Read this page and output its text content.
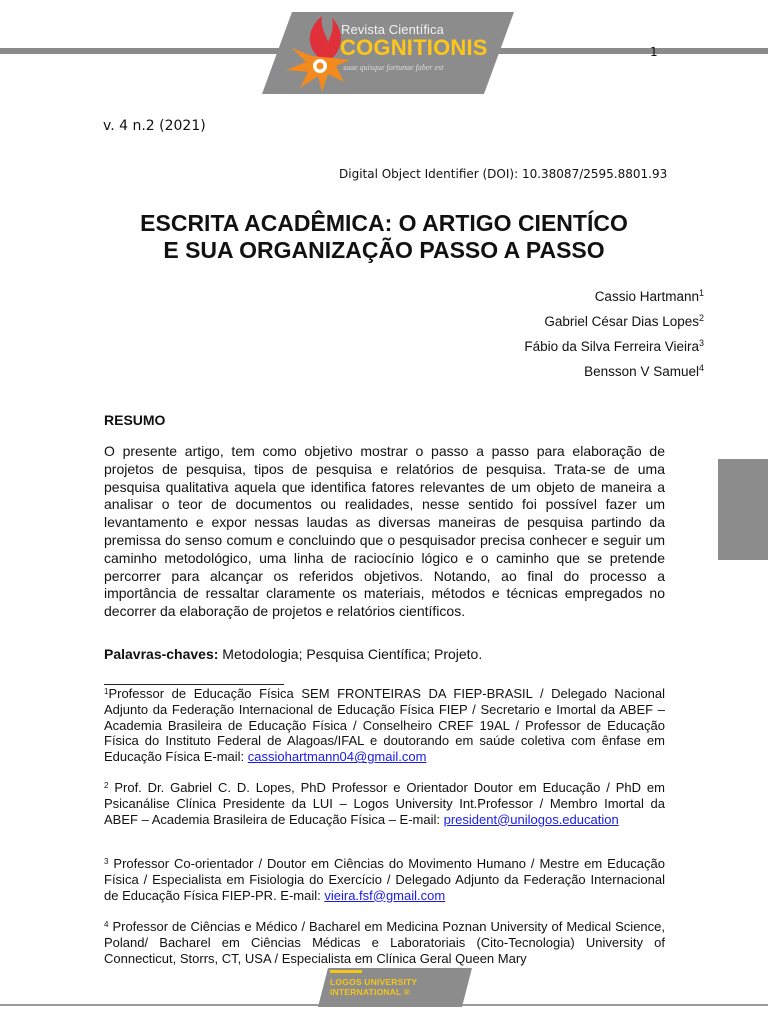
Revista Científica
COGNITIONIS
suae quisque fortunae faber est
1
v. 4 n.2 (2021)
Digital Object Identifier (DOI): 10.38087/2595.8801.93
ESCRITA ACADÊMICA: O ARTIGO CIENTÍCO
E SUA ORGANIZAÇÃO PASSO A PASSO
Cassio Hartmann$^1$
Gabriel César Dias Lopes$^2$
Fábio da Silva Ferreira Vieira$^3$
Bensson V Samuel$^4$
RESUMO
O presente artigo, tem como objetivo mostrar o passo a passo para elaboração de projetos de pesquisa, tipos de pesquisa e relatórios de pesquisa. Trata-se de uma pesquisa qualitativa aquela que identifica fatores relevantes de um objeto de maneira a analisar o teor de documentos ou realidades, nesse sentido foi possível fazer um levantamento e expor nessas laudas as diversas maneiras de pesquisa partindo da premissa do senso comum e concluindo que o pesquisador precisa conhecer e seguir um caminho metodológico, uma linha de raciocínio lógico e o caminho que se pretende percorrer para alcançar os referidos objetivos. Notando, ao final do processo a importância de ressaltar claramente os materiais, métodos e técnicas empregados no decorrer da elaboração de projetos e relatórios científicos.
Palavras-chaves: Metodologia; Pesquisa Científica; Projeto.
$^1$Professor de Educação Física SEM FRONTEIRAS DA FIEP-BRASIL / Delegado Nacional Adjunto da Federação Internacional de Educação Física FIEP / Secretario e Imortal da ABEF – Academia Brasileira de Educação Física / Conselheiro CREF 19AL / Professor de Educação Física do Instituto Federal de Alagoas/IFAL e doutorando em saúde coletiva com ênfase em Educação Física E-mail: cassiohartmann04@gmail.com
$^2$ Prof. Dr. Gabriel C. D. Lopes, PhD Professor e Orientador Doutor em Educação / PhD em Psicanálise Clínica Presidente da LUI – Logos University Int.Professor / Membro Imortal da ABEF – Academia Brasileira de Educação Física – E-mail: president@unilogos.education
$^3$ Professor Co-orientador / Doutor em Ciências do Movimento Humano / Mestre em Educação Física / Especialista em Fisiologia do Exercício / Delegado Adjunto da Federação Internacional de Educação Física FIEP-PR. E-mail: vieira.fsf@gmail.com
$^4$ Professor de Ciências e Médico / Bacharel em Medicina Poznan University of Medical Science, Poland/ Bacharel em Ciências Médicas e Laboratoriais (Cito-Tecnologia) University of Connecticut, Storrs, CT, USA / Especialista em Clínica Geral Queen Mary
LOGOS UNIVERSITY
INTERNATIONAL ®
